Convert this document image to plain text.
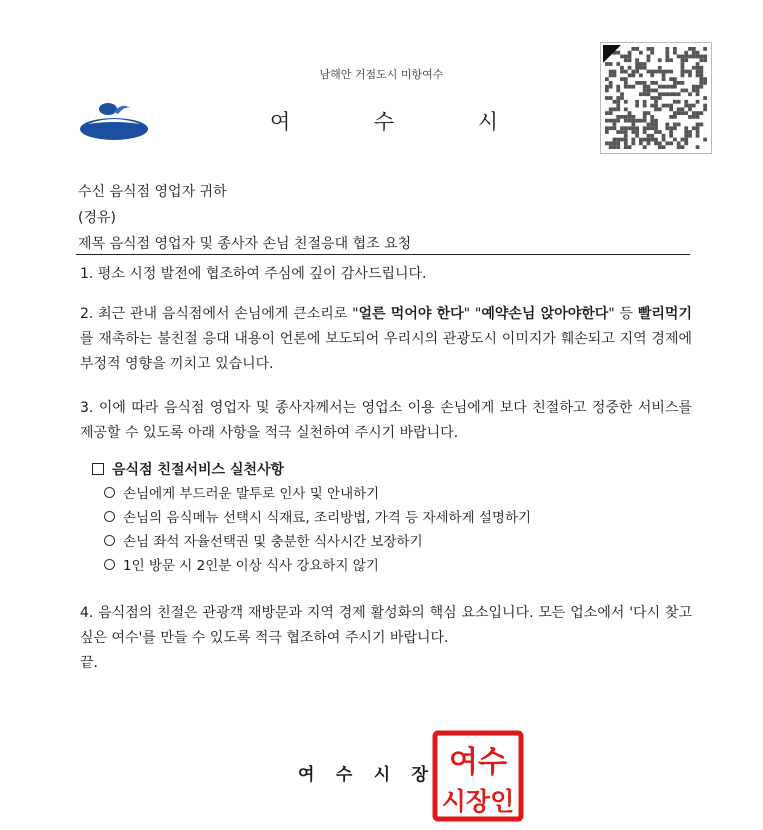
남해안 거점도시 미항여수
여	수	시
수신 음식점 영업자 귀하
(경유)
제목 음식점 영업자 및 종사자 손님 친절응대 협조 요청
1. 평소 시정 발전에 협조하여 주심에 깊이 감사드립니다.
2. 최근 관내 음식점에서 손님에게 큰소리로 "얼른 먹어야 한다" "예약손님 앉아야한다" 등 빨리먹기를 재촉하는 불친절 응대 내용이 언론에 보도되어 우리시의 관광도시 이미지가 훼손되고 지역 경제에 부정적 영향을 끼치고 있습니다.
3. 이에 따라 음식점 영업자 및 종사자께서는 영업소 이용 손님에게 보다 친절하고 정중한 서비스를 제공할 수 있도록 아래 사항을 적극 실천하여 주시기 바랍니다.
음식점 친절서비스 실천사항
손님에게 부드러운 말투로 인사 및 안내하기
손님의 음식메뉴 선택시 식재료, 조리방법, 가격 등 자세하게 설명하기
손님 좌석 자율선택권 및 충분한 식사시간 보장하기
1인 방문 시 2인분 이상 식사 강요하지 않기
4. 음식점의 친절은 관광객 재방문과 지역 경제 활성화의 핵심 요소입니다. 모든 업소에서 '다시 찾고 싶은 여수'를 만들 수 있도록 적극 협조하여 주시기 바랍니다.
끝.
여 수 시 장 여수
시장인
